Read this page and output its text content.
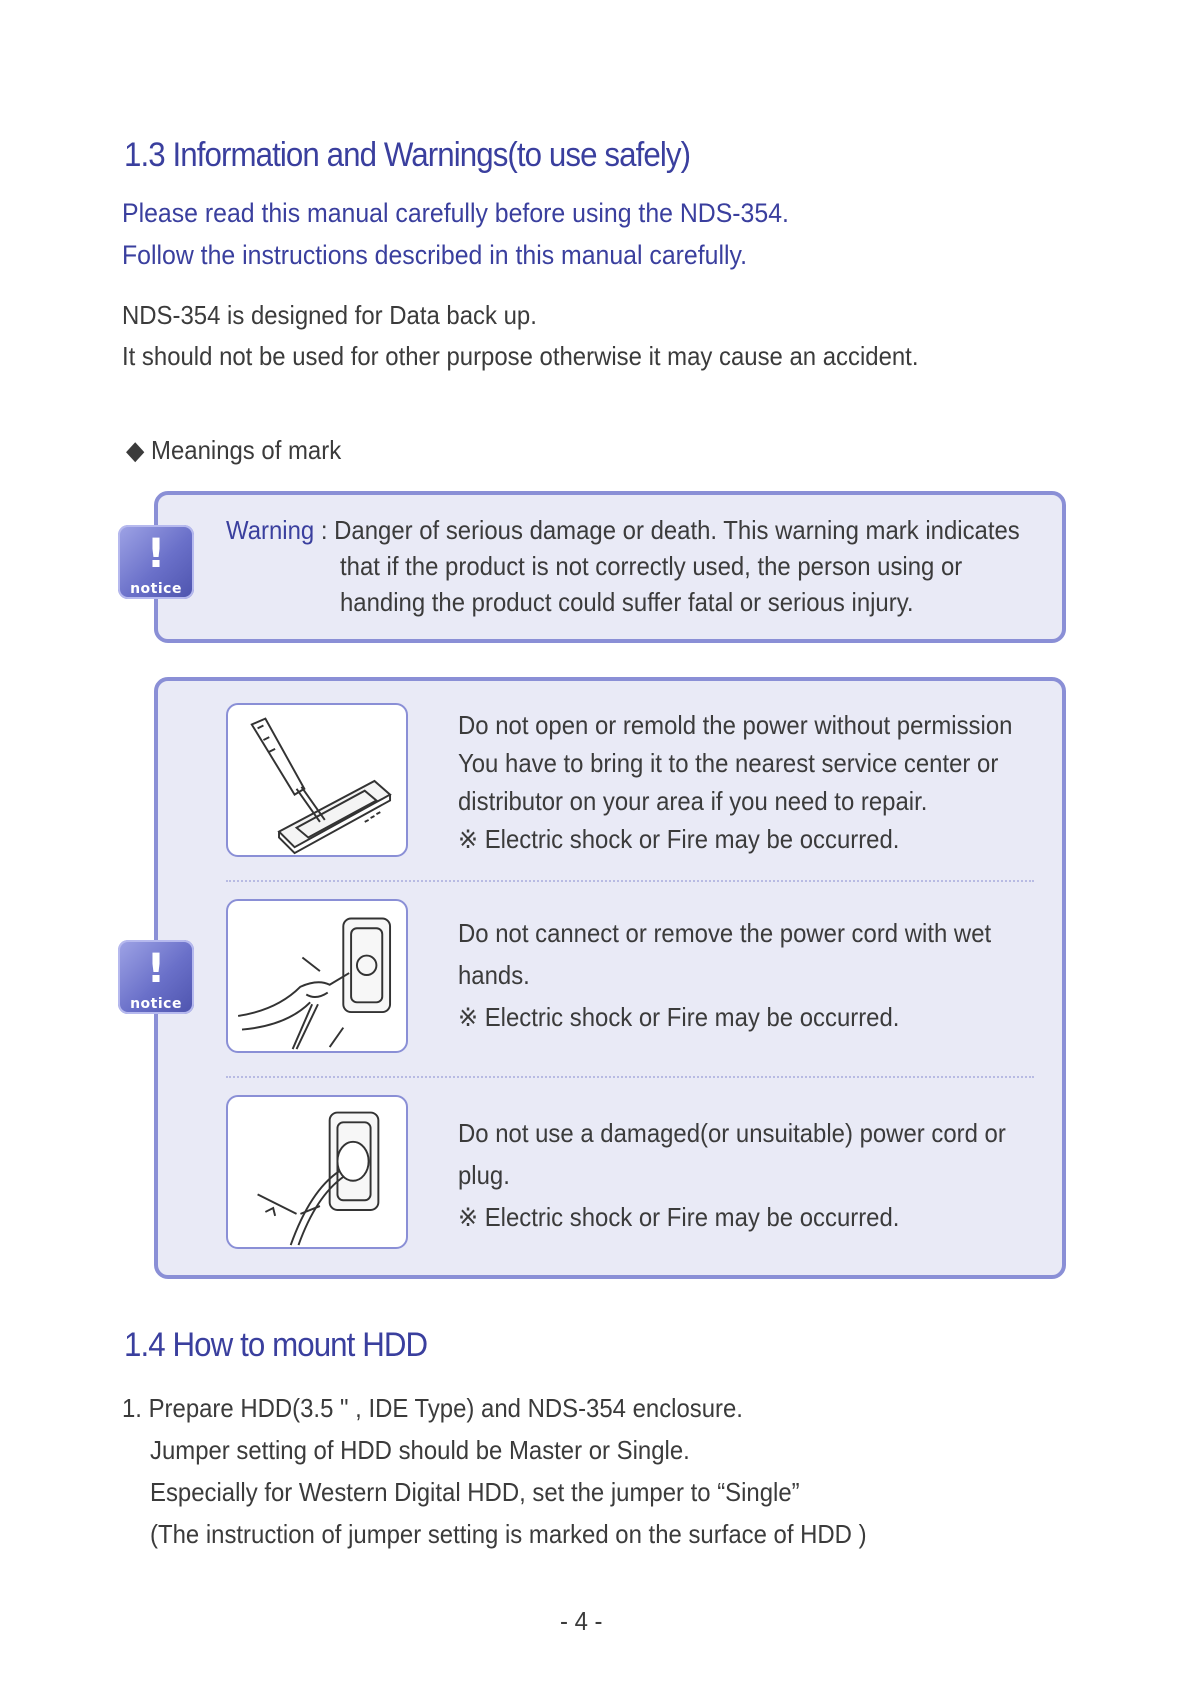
1.3 Information and Warnings(to use safely)
Please read this manual carefully before using the NDS-354.
Follow the instructions described in this manual carefully.
NDS-354 is designed for Data back up.
It should not be used for other purpose otherwise it may cause an accident.
◆ Meanings of mark
!
notice
Warning : Danger of serious damage or death. This warning mark indicates
that if the product is not correctly used, the person using or
handing the product could suffer fatal or serious injury.
!
notice
Do not open or remold the power without permission
You have to bring it to the nearest service center or
distributor on your area if you need to repair.
※ Electric shock or Fire may be occurred.
Do not cannect or remove the power cord with wet
hands.
※ Electric shock or Fire may be occurred.
Do not use a damaged(or unsuitable) power cord or
plug.
※ Electric shock or Fire may be occurred.
1.4 How to mount HDD
1. Prepare HDD(3.5 " , IDE Type) and NDS-354 enclosure.
Jumper setting of HDD should be Master or Single.
Especially for Western Digital HDD, set the jumper to “Single”
(The instruction of jumper setting is marked on the surface of HDD )
- 4 -
